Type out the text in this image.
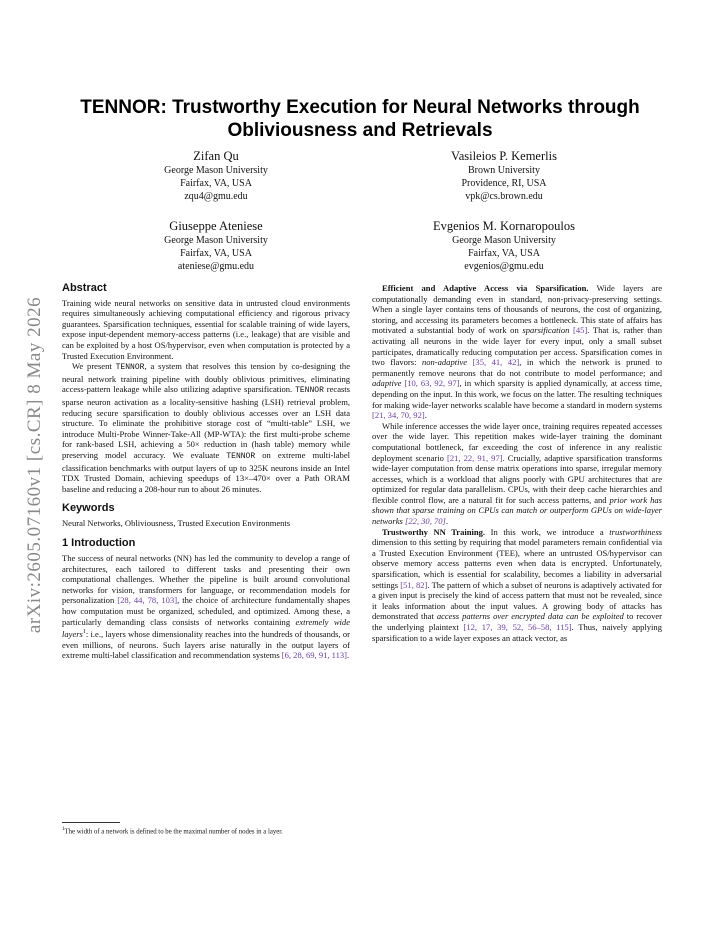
arXiv:2605.07160v1 [cs.CR] 8 May 2026
TENNOR: Trustworthy Execution for Neural Networks through
Obliviousness and Retrievals
Zifan Qu
George Mason University
Fairfax, VA, USA
zqu4@gmu.edu
Vasileios P. Kemerlis
Brown University
Providence, RI, USA
vpk@cs.brown.edu
Giuseppe Ateniese
George Mason University
Fairfax, VA, USA
ateniese@gmu.edu
Evgenios M. Kornaropoulos
George Mason University
Fairfax, VA, USA
evgenios@gmu.edu
Abstract

Training wide neural networks on sensitive data in untrusted cloud environments requires simultaneously achieving computational efficiency and rigorous privacy guarantees. Sparsification techniques, essential for scalable training of wide layers, expose input-dependent memory-access patterns (i.e., leakage) that are visible and can be exploited by a host OS/hypervisor, even when computation is protected by a Trusted Execution Environment.

We present TENNOR, a system that resolves this tension by co-designing the neural network training pipeline with doubly oblivious primitives, eliminating access-pattern leakage while also utilizing adaptive sparsification. TENNOR recasts sparse neuron activation as a locality-sensitive hashing (LSH) retrieval problem, reducing secure sparsification to doubly oblivious accesses over an LSH data structure. To eliminate the prohibitive storage cost of “multi-table” LSH, we introduce Multi-Probe Winner-Take-All (MP-WTA): the first multi-probe scheme for rank-based LSH, achieving a 50× reduction in (hash table) memory while preserving model accuracy. We evaluate TENNOR on extreme multi-label classification benchmarks with output layers of up to 325K neurons inside an Intel TDX Trusted Domain, achieving speedups of 13×–470× over a Path ORAM baseline and reducing a 208-hour run to about 26 minutes.

Keywords

Neural Networks, Obliviousness, Trusted Execution Environments

1 Introduction

The success of neural networks (NN) has led the community to develop a range of architectures, each tailored to different tasks and presenting their own computational challenges. Whether the pipeline is built around convolutional networks for vision, transformers for language, or recommendation models for personalization [28, 44, 78, 103], the choice of architecture fundamentally shapes how computation must be organized, scheduled, and optimized. Among these, a particularly demanding class consists of networks containing extremely wide layers$^1$: i.e., layers whose dimensionality reaches into the hundreds of thousands, or even millions, of neurons. Such layers arise naturally in the output layers of extreme multi-label classification and recommendation systems [6, 28, 69, 91, 113].

$^1$The width of a network is defined to be the maximal number of nodes in a layer.

Efficient and Adaptive Access via Sparsification. Wide layers are computationally demanding even in standard, non-privacy-preserving settings. When a single layer contains tens of thousands of neurons, the cost of organizing, storing, and accessing its parameters becomes a bottleneck. This state of affairs has motivated a substantial body of work on sparsification [45]. That is, rather than activating all neurons in the wide layer for every input, only a small subset participates, dramatically reducing computation per access. Sparsification comes in two flavors: non-adaptive [35, 41, 42], in which the network is pruned to permanently remove neurons that do not contribute to model performance; and adaptive [10, 63, 92, 97], in which sparsity is applied dynamically, at access time, depending on the input. In this work, we focus on the latter. The resulting techniques for making wide-layer networks scalable have become a standard in modern systems [21, 34, 70, 92].

While inference accesses the wide layer once, training requires repeated accesses over the wide layer. This repetition makes wide-layer training the dominant computational bottleneck, far exceeding the cost of inference in any realistic deployment scenario [21, 22, 91, 97]. Crucially, adaptive sparsification transforms wide-layer computation from dense matrix operations into sparse, irregular memory accesses, which is a workload that aligns poorly with GPU architectures that are optimized for regular data parallelism. CPUs, with their deep cache hierarchies and flexible control flow, are a natural fit for such access patterns, and prior work has shown that sparse training on CPUs can match or outperform GPUs on wide-layer networks [22, 30, 70].

Trustworthy NN Training. In this work, we introduce a trustworthiness dimension to this setting by requiring that model parameters remain confidential via a Trusted Execution Environment (TEE), where an untrusted OS/hypervisor can observe memory access patterns even when data is encrypted. Unfortunately, sparsification, which is essential for scalability, becomes a liability in adversarial settings [51, 82]. The pattern of which a subset of neurons is adaptively activated for a given input is precisely the kind of access pattern that must not be revealed, since it leaks information about the input values. A growing body of attacks has demonstrated that access patterns over encrypted data can be exploited to recover the underlying plaintext [12, 17, 39, 52, 56–58, 115]. Thus, naively applying sparsification to a wide layer exposes an attack vector, as
